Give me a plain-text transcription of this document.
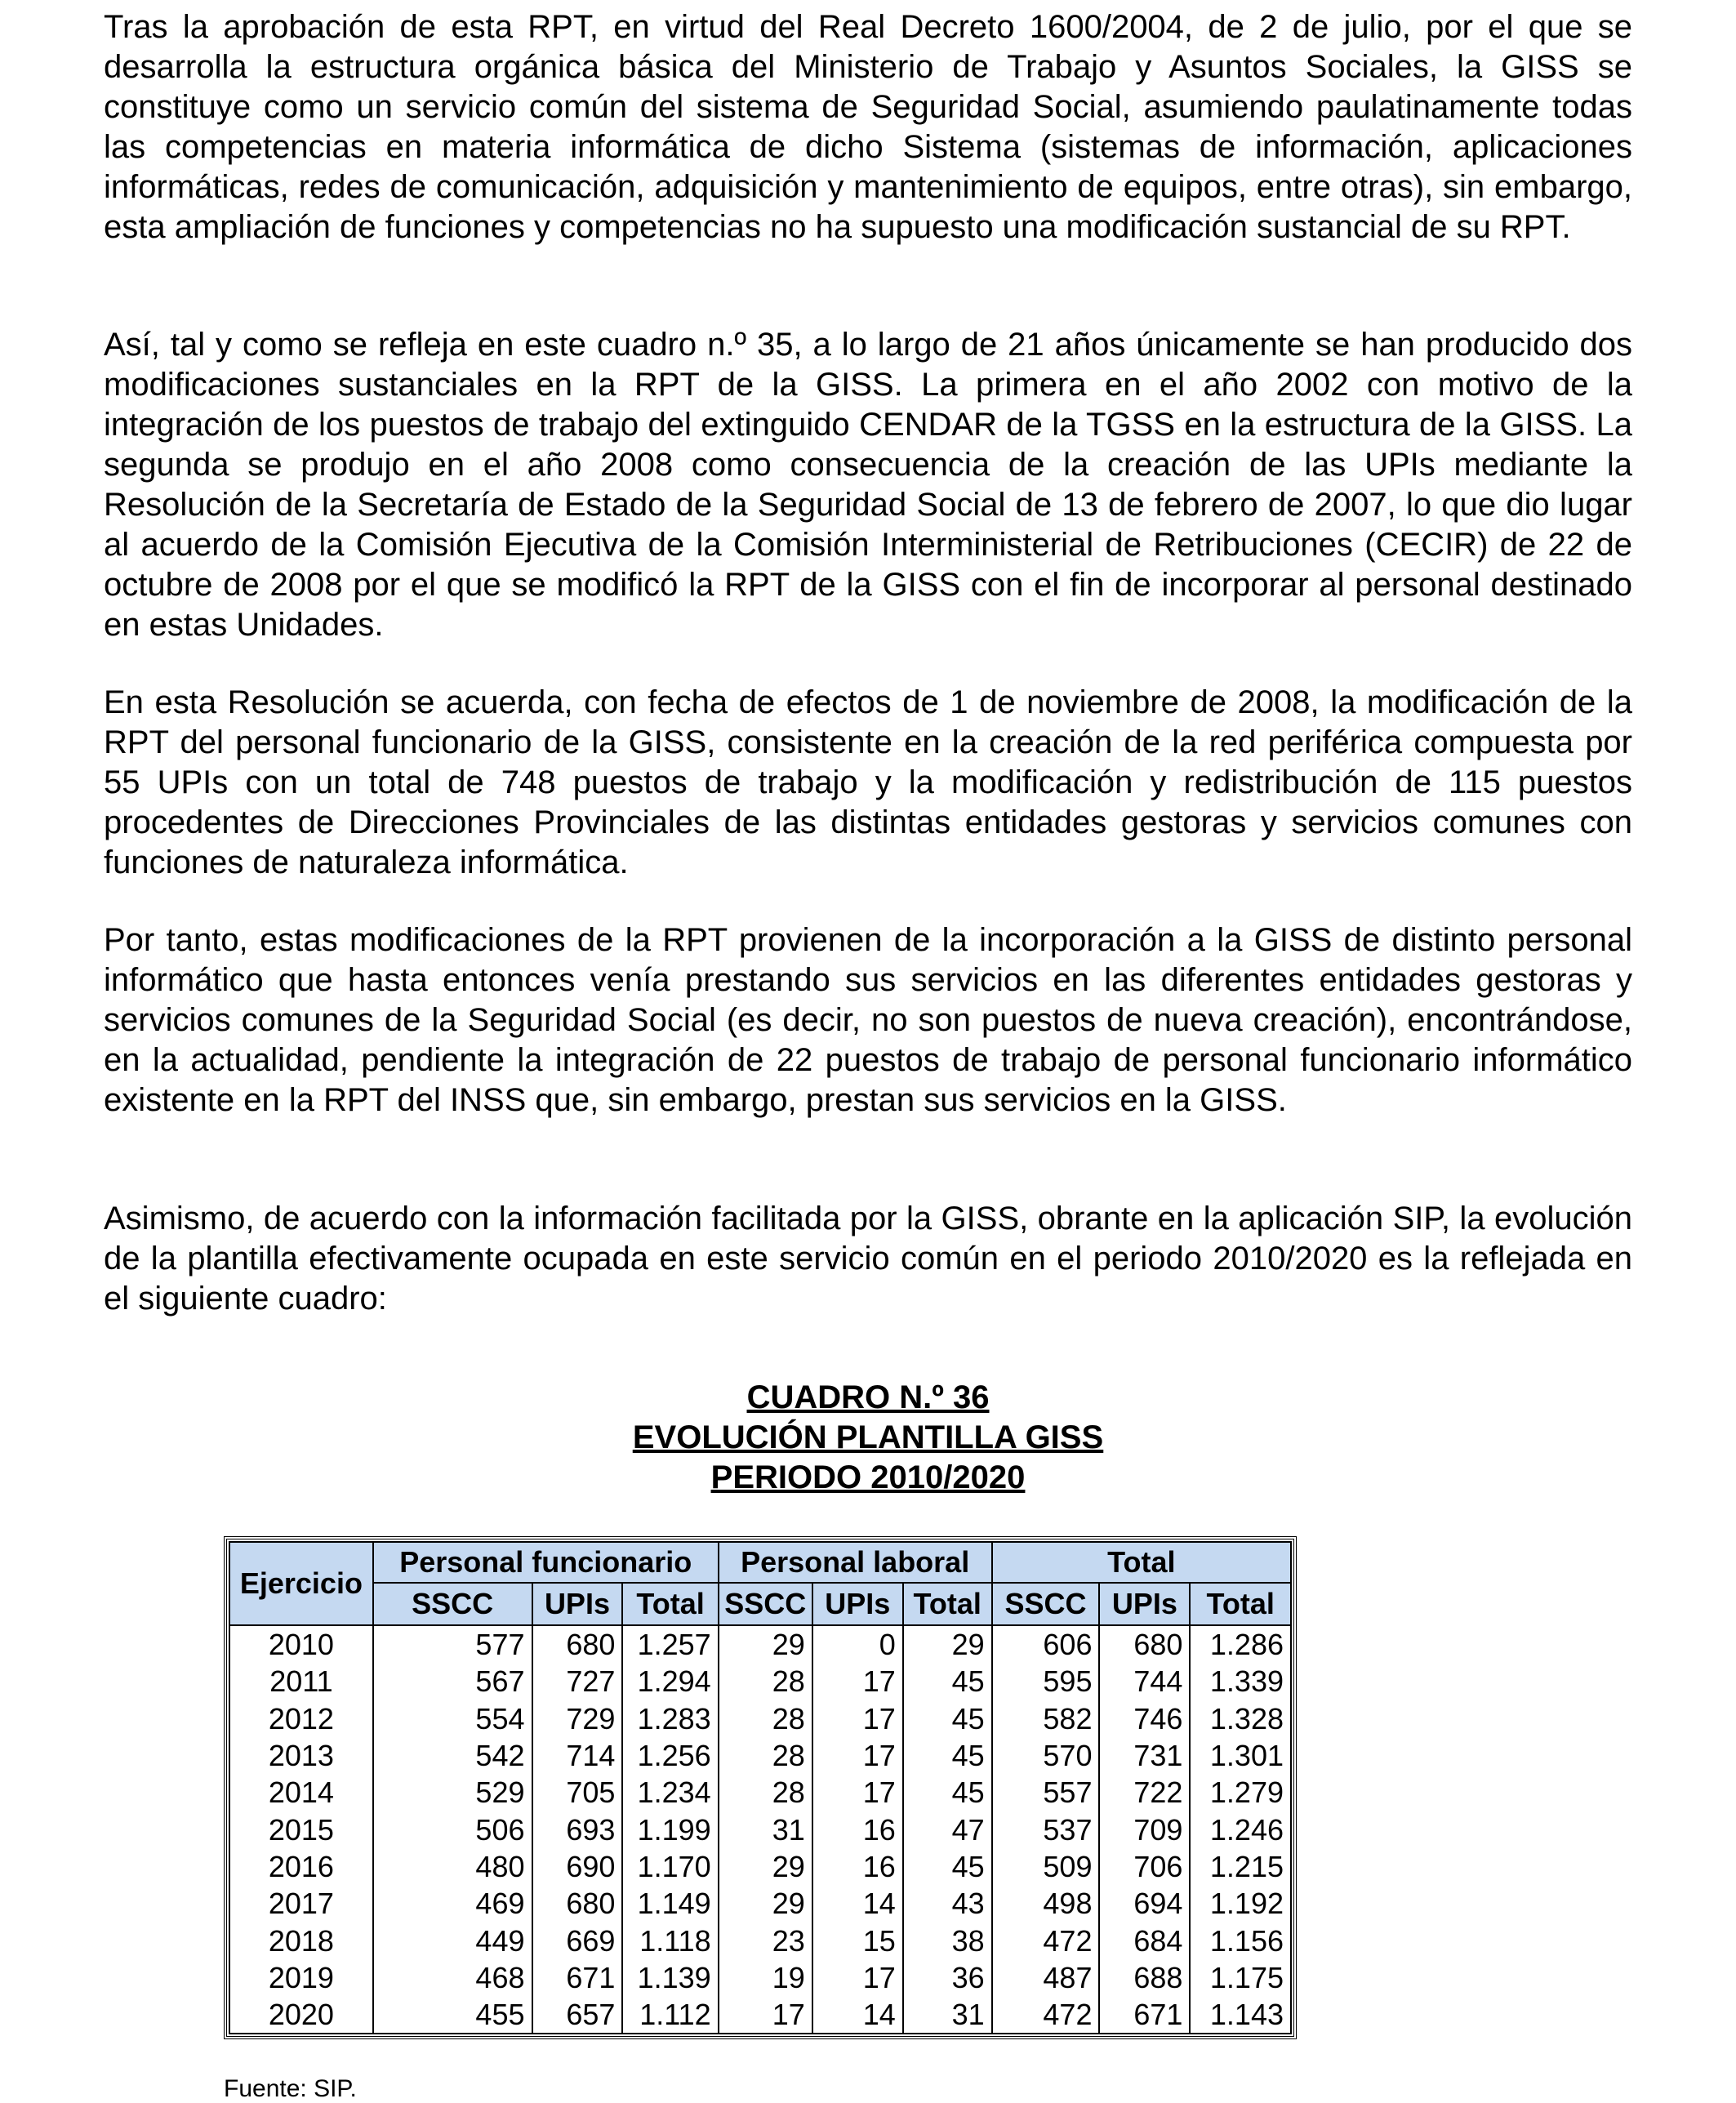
Tras la aprobación de esta RPT, en virtud del Real Decreto 1600/2004, de 2 de julio, por el que se desarrolla la estructura orgánica básica del Ministerio de Trabajo y Asuntos Sociales, la GISS se constituye como un servicio común del sistema de Seguridad Social, asumiendo paulatinamente todas las competencias en materia informática de dicho Sistema (sistemas de información, aplicaciones informáticas, redes de comunicación, adquisición y mantenimiento de equipos, entre otras), sin embargo, esta ampliación de funciones y competencias no ha supuesto una modificación sustancial de su RPT.

Así, tal y como se refleja en este cuadro n.º 35, a lo largo de 21 años únicamente se han producido dos modificaciones sustanciales en la RPT de la GISS. La primera en el año 2002 con motivo de la integración de los puestos de trabajo del extinguido CENDAR de la TGSS en la estructura de la GISS. La segunda se produjo en el año 2008 como consecuencia de la creación de las UPIs mediante la Resolución de la Secretaría de Estado de la Seguridad Social de 13 de febrero de 2007, lo que dio lugar al acuerdo de la Comisión Ejecutiva de la Comisión Interministerial de Retribuciones (CECIR) de 22 de octubre de 2008 por el que se modificó la RPT de la GISS con el fin de incorporar al personal destinado en estas Unidades.

En esta Resolución se acuerda, con fecha de efectos de 1 de noviembre de 2008, la modificación de la RPT del personal funcionario de la GISS, consistente en la creación de la red periférica compuesta por 55 UPIs con un total de 748 puestos de trabajo y la modificación y redistribución de 115 puestos procedentes de Direcciones Provinciales de las distintas entidades gestoras y servicios comunes con funciones de naturaleza informática.

Por tanto, estas modificaciones de la RPT provienen de la incorporación a la GISS de distinto personal informático que hasta entonces venía prestando sus servicios en las diferentes entidades gestoras y servicios comunes de la Seguridad Social (es decir, no son puestos de nueva creación), encontrándose, en la actualidad, pendiente la integración de 22 puestos de trabajo de personal funcionario informático existente en la RPT del INSS que, sin embargo, prestan sus servicios en la GISS.

Asimismo, de acuerdo con la información facilitada por la GISS, obrante en la aplicación SIP, la evolución de la plantilla efectivamente ocupada en este servicio común en el periodo 2010/2020 es la reflejada en el siguiente cuadro:

CUADRO N.º 36
EVOLUCIÓN PLANTILLA GISS
PERIODO 2010/2020
Ejercicio	Personal funcionario			Personal laboral			Total		
	SSCC	UPIs	Total	SSCC	UPIs	Total	SSCC	UPIs	Total
2010	577	680	1.257	29	0	29	606	680	1.286
2011	567	727	1.294	28	17	45	595	744	1.339
2012	554	729	1.283	28	17	45	582	746	1.328
2013	542	714	1.256	28	17	45	570	731	1.301
2014	529	705	1.234	28	17	45	557	722	1.279
2015	506	693	1.199	31	16	47	537	709	1.246
2016	480	690	1.170	29	16	45	509	706	1.215
2017	469	680	1.149	29	14	43	498	694	1.192
2018	449	669	1.118	23	15	38	472	684	1.156
2019	468	671	1.139	19	17	36	487	688	1.175
2020	455	657	1.112	17	14	31	472	671	1.143
Fuente: SIP.
